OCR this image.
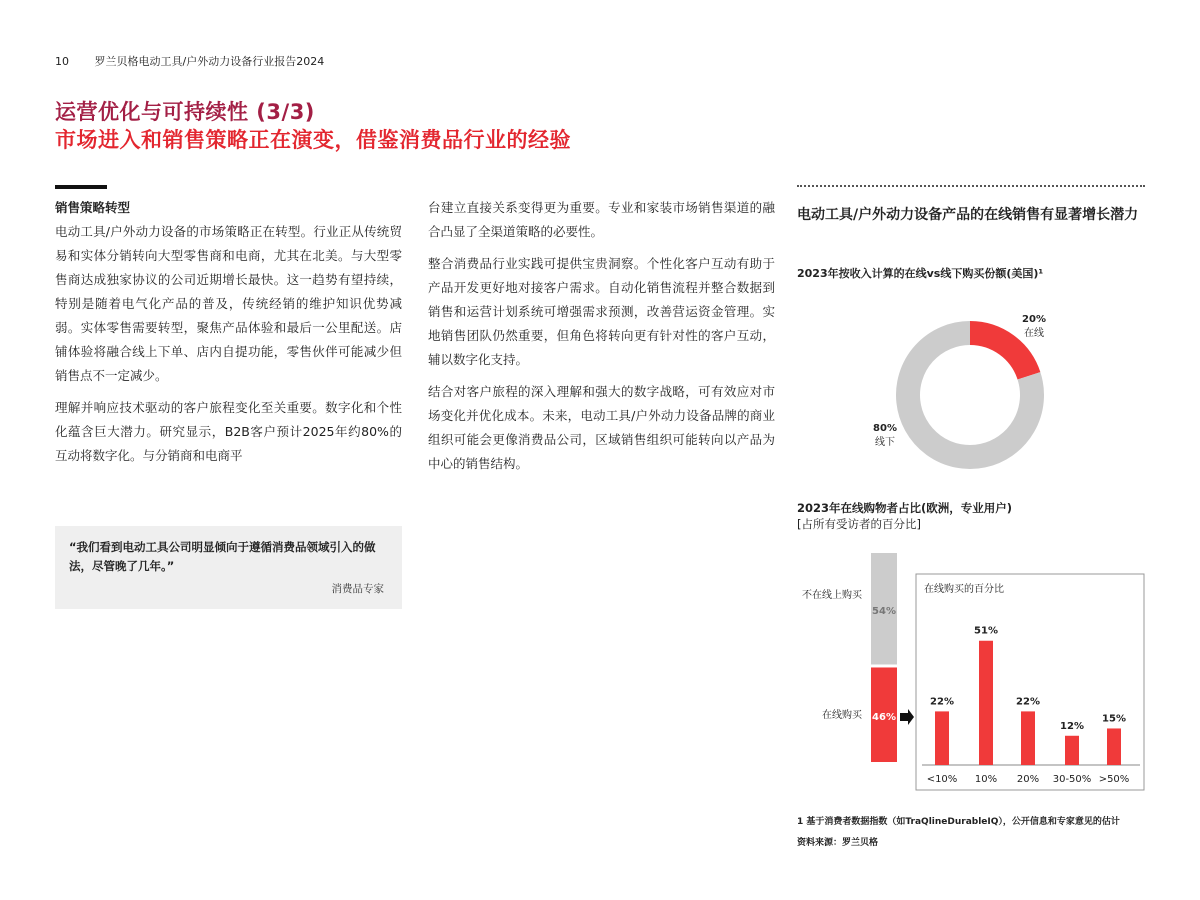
10 罗兰贝格电动工具/户外动力设备行业报告2024
运营优化与可持续性 (3/3)
市场进入和销售策略正在演变，借鉴消费品行业的经验
销售策略转型

电动工具/户外动力设备的市场策略正在转型。行业正从传统贸易和实体分销转向大型零售商和电商，尤其在北美。与大型零售商达成独家协议的公司近期增长最快。这一趋势有望持续，特别是随着电气化产品的普及，传统经销的维护知识优势减弱。实体零售需要转型，聚焦产品体验和最后一公里配送。店铺体验将融合线上下单、店内自提功能，零售伙伴可能减少但销售点不一定减少。

理解并响应技术驱动的客户旅程变化至关重要。数字化和个性化蕴含巨大潜力。研究显示，B2B客户预计2025年约80%的互动将数字化。与分销商和电商平

“我们看到电动工具公司明显倾向于遵循消费品领域引入的做法，尽管晚了几年。”
消费品专家

台建立直接关系变得更为重要。专业和家装市场销售渠道的融合凸显了全渠道策略的必要性。

整合消费品行业实践可提供宝贵洞察。个性化客户互动有助于产品开发更好地对接客户需求。自动化销售流程并整合数据到销售和运营计划系统可增强需求预测，改善营运资金管理。实地销售团队仍然重要，但角色将转向更有针对性的客户互动，辅以数字化支持。

结合对客户旅程的深入理解和强大的数字战略，可有效应对市场变化并优化成本。未来，电动工具/户外动力设备品牌的商业组织可能会更像消费品公司，区域销售组织可能转向以产品为中心的销售结构。

电动工具/户外动力设备产品的在线销售有显著增长潜力
2023年按收入计算的在线vs线下购买份额(美国)¹
20%
在线
80%
线下
54%
46%
在线购买的百分比
22%
<10%
51%
10%
22%
20%
12%
30-50%
15%
>50%
2023年在线购物者占比(欧洲，专业用户)
[占所有受访者的百分比]
不在线上购买
在线购买
1 基于消费者数据指数（如TraQlineDurableIQ），公开信息和专家意见的估计
资料来源：罗兰贝格
